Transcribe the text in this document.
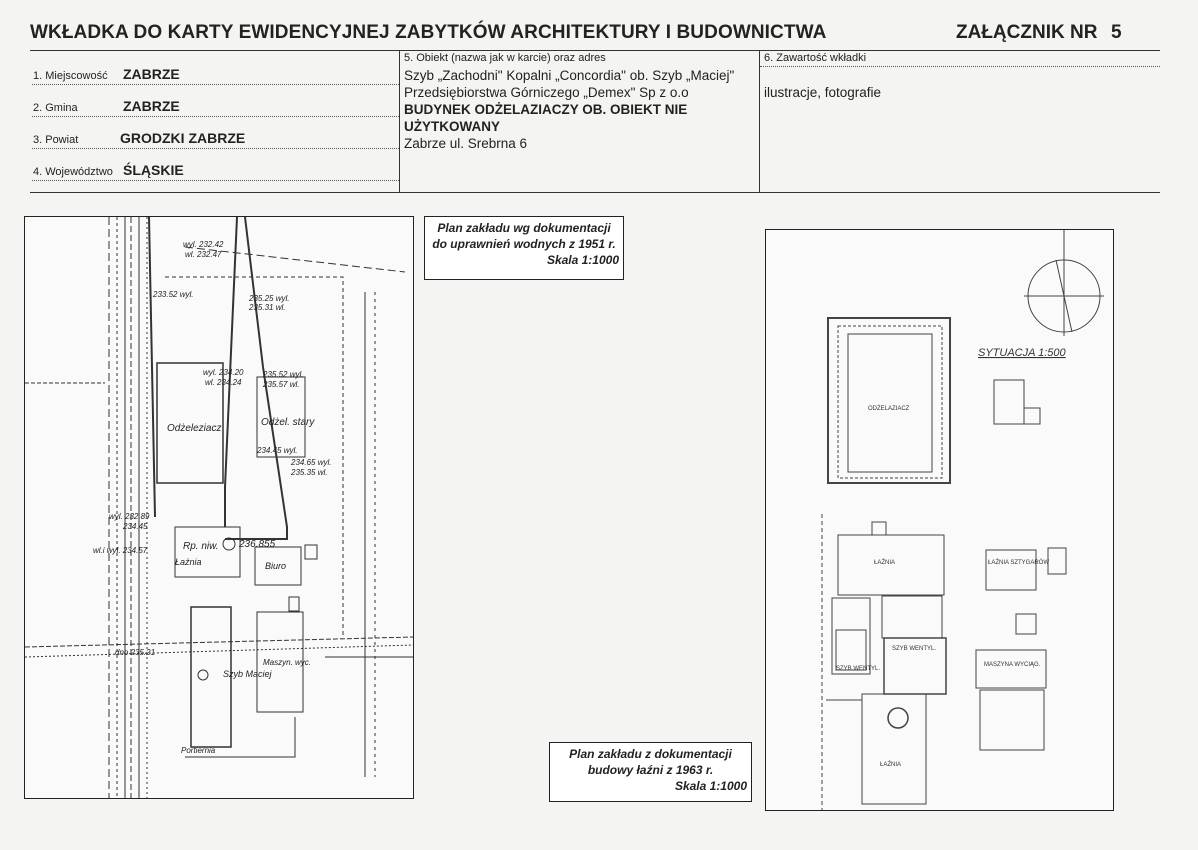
WKŁADKA DO KARTY EWIDENCYJNEJ ZABYTKÓW ARCHITEKTURY I BUDOWNICTWA	ZAŁĄCZNIK NR 5
1. Miejscowość ZABRZE
2. Gmina	ZABRZE
3. Powiat	GRODZKI ZABRZE
4. Województwo ŚLĄSKIE
5. Obiekt (nazwa jak w karcie) oraz adres
Szyb „Zachodni" Kopalni „Concordia" ob. Szyb „Maciej"
Przedsiębiorstwa Górniczego „Demex" Sp z o.o
BUDYNEK ODŻELAZIACZY OB. OBIEKT NIE
UŻYTKOWANY
Zabrze ul. Srebrna 6
6. Zawartość wkładki
ilustracje, fotografie
wyl. 232.42
wl. 232.47
233.52 wyl.	235.25 wyl.
235.31 wl.
wyl. 234.20
wl. 234.24
235.52 wyl.
235.57 wl.
Odżeleziacz
Odżel. stary
234.45 wyl.
234.65 wyl.
235.35 wl.
wyl. 232.89
234.45
wl.i wyl. 234.57	Rp. niw. 236.855
Łaźnia	Biuro
dno 235.21
Szyb Maciej
Maszyn. wyc.
Portiernia
Plan zakładu wg dokumentacji
do uprawnień wodnych z 1951 r.
Skala 1:1000
SYTUACJA 1:500
ODŻELAZIACZ
ŁAŹNIA	ŁAŹNIA SZTYGARÓW
SZYB WENTYL.
SZYB WENTYL.
MASZYNA WYCIĄG.
ŁAŹNIA
Plan zakładu z dokumentacji
budowy łaźni z 1963 r.
Skala 1:1000
